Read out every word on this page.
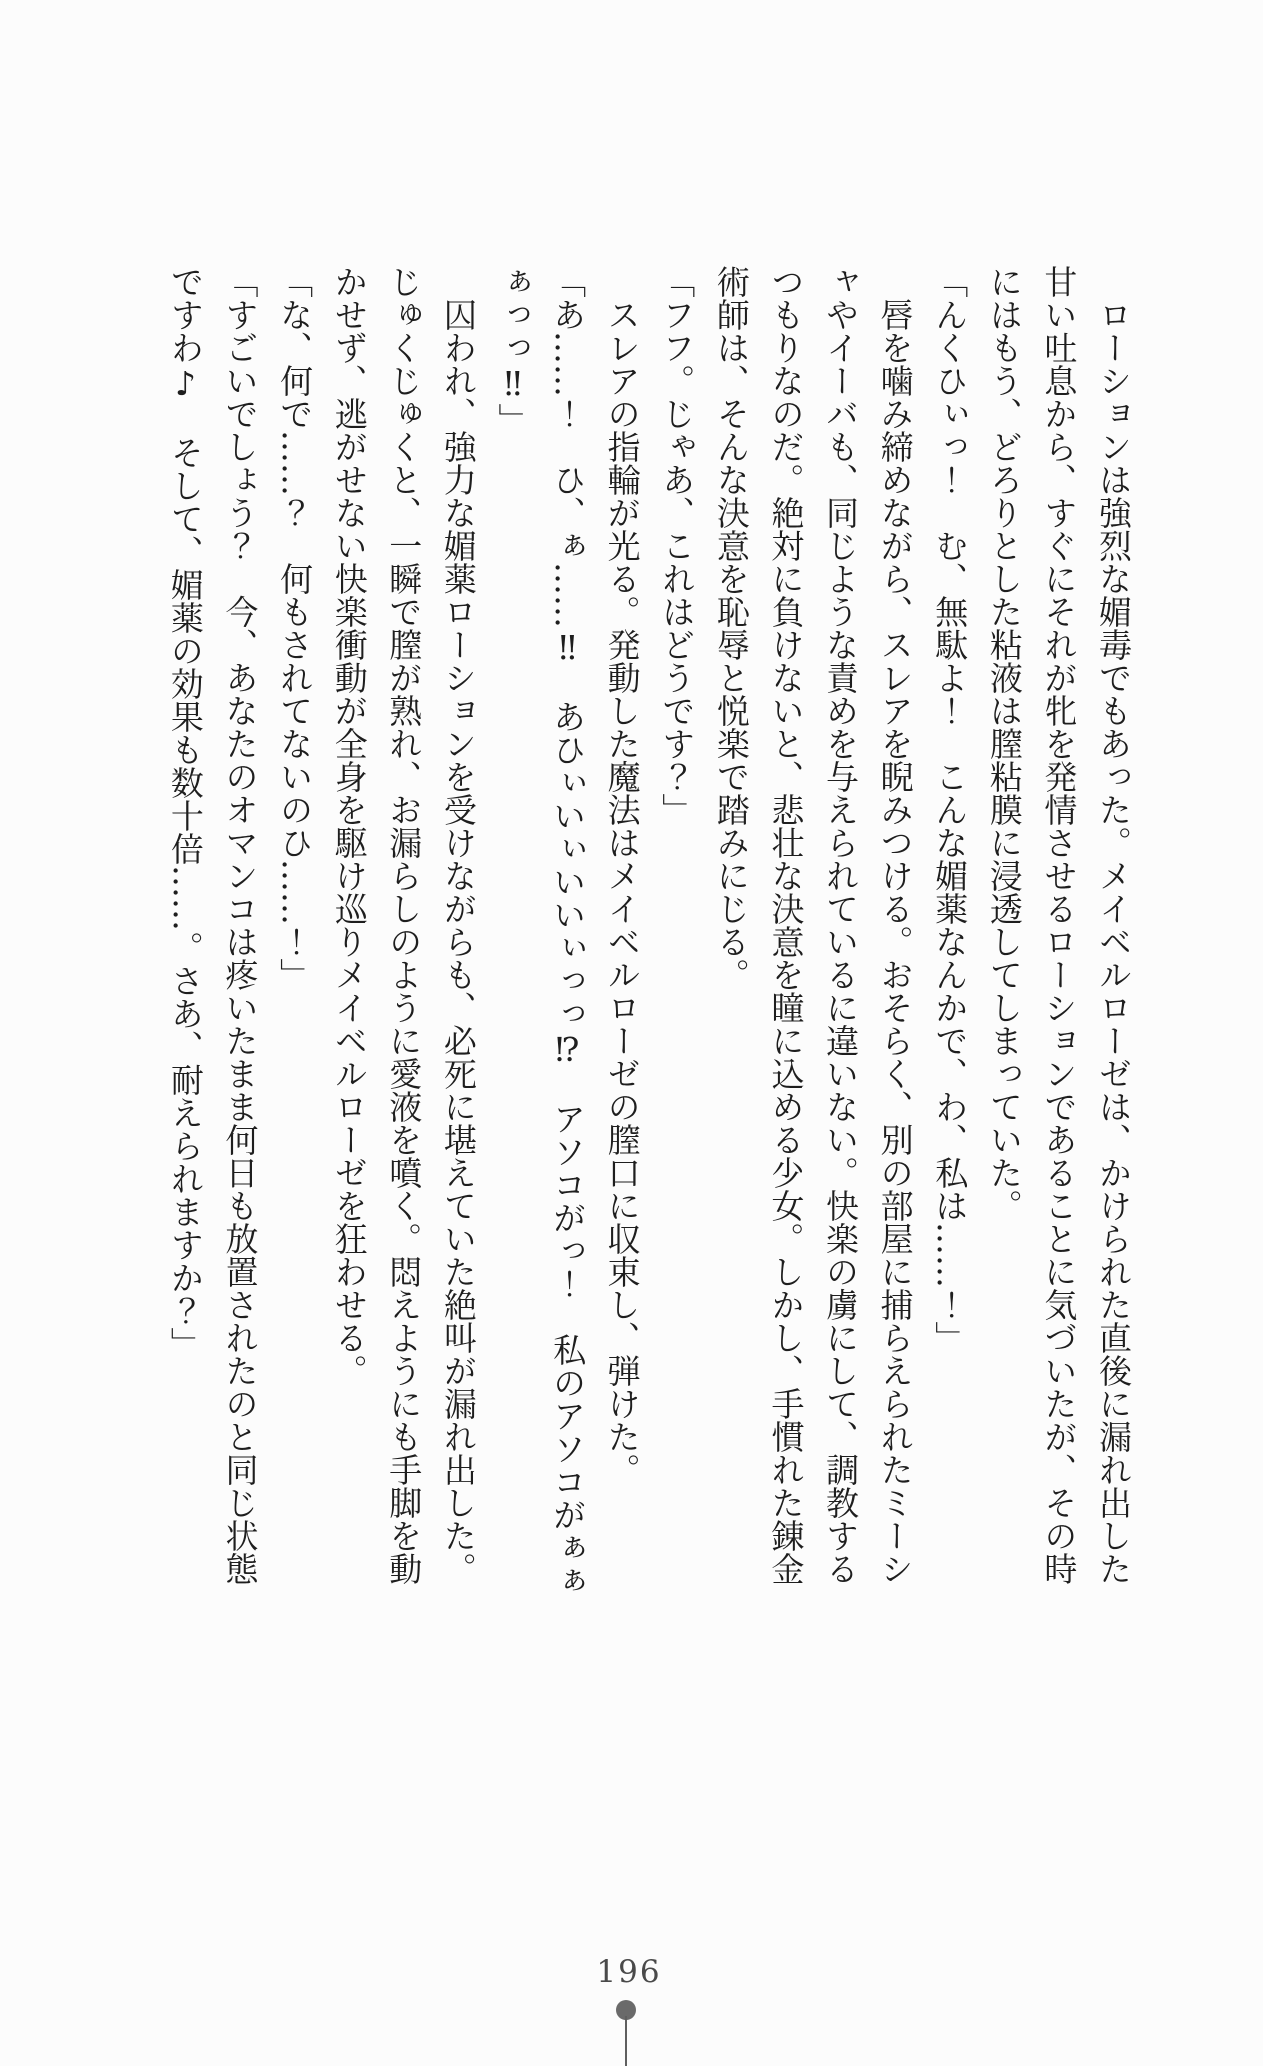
　ローションは強烈な媚毒でもあった。メイベルローゼは、かけられた直後に漏れ出した
甘い吐息から、すぐにそれが牝を発情させるローションであることに気づいたが、その時
にはもう、どろりとした粘液は膣粘膜に浸透してしまっていた。
「んくひぃっ！　む、無駄よ！　こんな媚薬なんかで、わ、私は……！」
　唇を噛み締めながら、スレアを睨みつける。おそらく、別の部屋に捕らえられたミーシ
ャやイーバも、同じような責めを与えられているに違いない。快楽の虜にして、調教する
つもりなのだ。絶対に負けないと、悲壮な決意を瞳に込める少女。しかし、手慣れた錬金
術師は、そんな決意を恥辱と悦楽で踏みにじる。
「フフ。じゃあ、これはどうです？」
　スレアの指輪が光る。発動した魔法はメイベルローゼの膣口に収束し、弾けた。
「あ……！　ひ、ぁ……‼　あひぃいぃいいぃっっ⁉　アソコがっ！　私のアソコがぁぁ
ぁっっ‼」
　囚われ、強力な媚薬ローションを受けながらも、必死に堪えていた絶叫が漏れ出した。
じゅくじゅくと、一瞬で膣が熟れ、お漏らしのように愛液を噴く。悶えようにも手脚を動
かせず、逃がせない快楽衝動が全身を駆け巡りメイベルローゼを狂わせる。
「な、何で……？　何もされてないのひ……！」
「すごいでしょう？　今、あなたのオマンコは疼いたまま何日も放置されたのと同じ状態
ですわ♪　そして、媚薬の効果も数十倍……。さあ、耐えられますか？」
196
